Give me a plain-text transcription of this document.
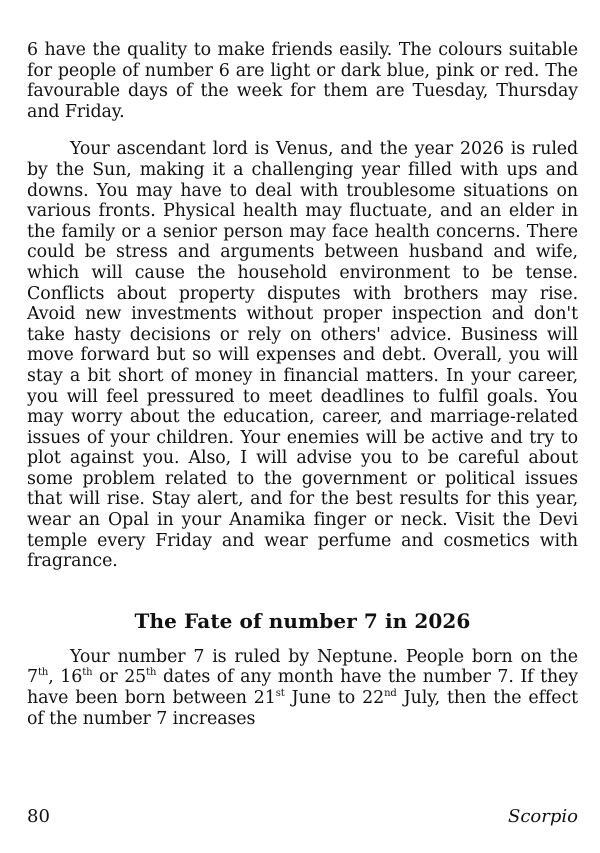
6 have the quality to make friends easily. The colours suitable for people of number 6 are light or dark blue, pink or red. The favourable days of the week for them are Tuesday, Thursday and Friday.

Your ascendant lord is Venus, and the year 2026 is ruled by the Sun, making it a challenging year filled with ups and downs. You may have to deal with troublesome situations on various fronts. Physical health may fluctuate, and an elder in the family or a senior person may face health concerns. There could be stress and arguments between husband and wife, which will cause the household environment to be tense. Conflicts about property disputes with brothers may rise. Avoid new investments without proper inspection and don't take hasty decisions or rely on others' advice. Business will move forward but so will expenses and debt. Overall, you will stay a bit short of money in financial matters. In your career, you will feel pressured to meet deadlines to fulfil goals. You may worry about the education, career, and marriage-related issues of your children. Your enemies will be active and try to plot against you. Also, I will advise you to be careful about some problem related to the government or political issues that will rise. Stay alert, and for the best results for this year, wear an Opal in your Anamika finger or neck. Visit the Devi temple every Friday and wear perfume and cosmetics with fragrance.

The Fate of number 7 in 2026

Your number 7 is ruled by Neptune. People born on the 7th, 16th or 25th dates of any month have the number 7. If they have been born between 21st June to 22nd July, then the effect of the number 7 increases

80	Scorpio
